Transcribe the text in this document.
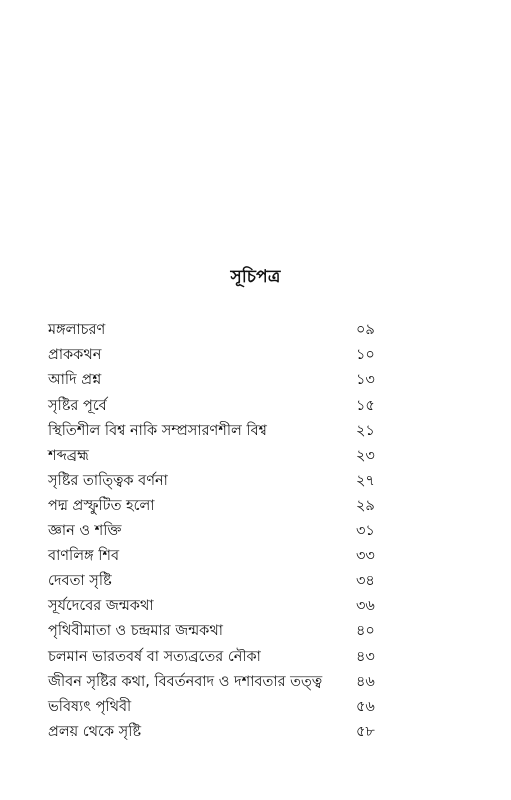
সূচিপত্র
মঙ্গলাচরণ	০৯
প্রাককথন	১০
আদি প্রশ্ন	১৩
সৃষ্টির পূর্বে	১৫
স্থিতিশীল বিশ্ব নাকি সম্প্রসারণশীল বিশ্ব	২১
শব্দব্রহ্ম	২৩
সৃষ্টির তাত্ত্বিক বর্ণনা	২৭
পদ্ম প্রস্ফুটিত হলো	২৯
জ্ঞান ও শক্তি	৩১
বাণলিঙ্গ শিব	৩৩
দেবতা সৃষ্টি	৩৪
সূর্যদেবের জন্মকথা	৩৬
পৃথিবীমাতা ও চন্দ্রমার জন্মকথা	৪০
চলমান ভারতবর্ষ বা সত্যব্রতের নৌকা	৪৩
জীবন সৃষ্টির কথা, বিবর্তনবাদ ও দশাবতার তত্ত্ব ৪৬
ভবিষ্যৎ পৃথিবী	৫৬
প্রলয় থেকে সৃষ্টি	৫৮
